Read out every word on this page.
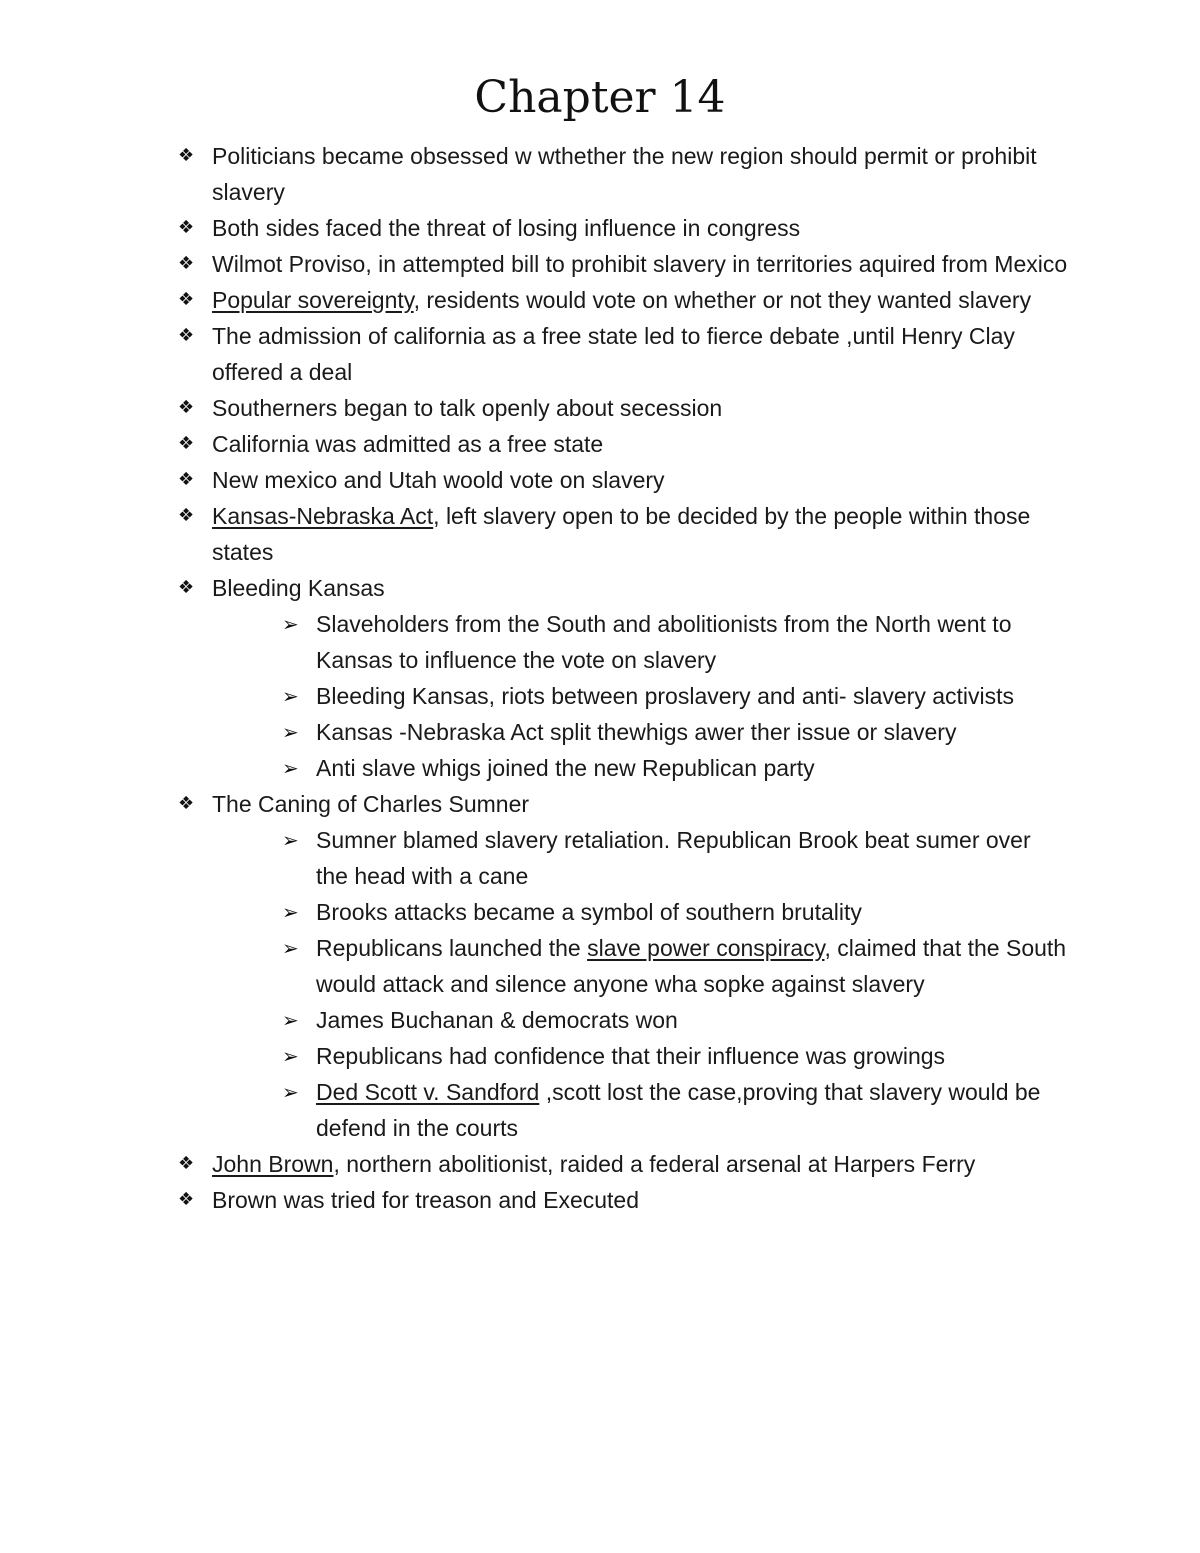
Chapter 14
❖ Politicians became obsessed w wthether the new region should permit or prohibit slavery
❖ Both sides faced the threat of losing influence in congress
❖ Wilmot Proviso, in attempted bill to prohibit slavery in territories aquired from Mexico
❖ Popular sovereignty, residents would vote on whether or not they wanted slavery
❖ The admission of california as a free state led to fierce debate ,until Henry Clay offered a deal
❖ Southerners began to talk openly about secession
❖ California was admitted as a free state
❖ New mexico and Utah woold vote on slavery
❖ Kansas-Nebraska Act, left slavery open to be decided by the people within those states
❖ Bleeding Kansas
➢ Slaveholders from the South and abolitionists from the North went to Kansas to influence the vote on slavery
➢ Bleeding Kansas, riots between proslavery and anti- slavery activists
➢ Kansas -Nebraska Act split thewhigs awer ther issue or slavery
➢ Anti slave whigs joined the new Republican party
❖ The Caning of Charles Sumner
➢ Sumner blamed slavery retaliation. Republican Brook beat sumer over the head with a cane
➢ Brooks attacks became a symbol of southern brutality
➢ Republicans launched the slave power conspiracy, claimed that the South would attack and silence anyone wha sopke against slavery
➢ James Buchanan & democrats won
➢ Republicans had confidence that their influence was growings
➢ Ded Scott v. Sandford ,scott lost the case,proving that slavery would be defend in the courts
❖ John Brown, northern abolitionist, raided a federal arsenal at Harpers Ferry
❖ Brown was tried for treason and Executed
